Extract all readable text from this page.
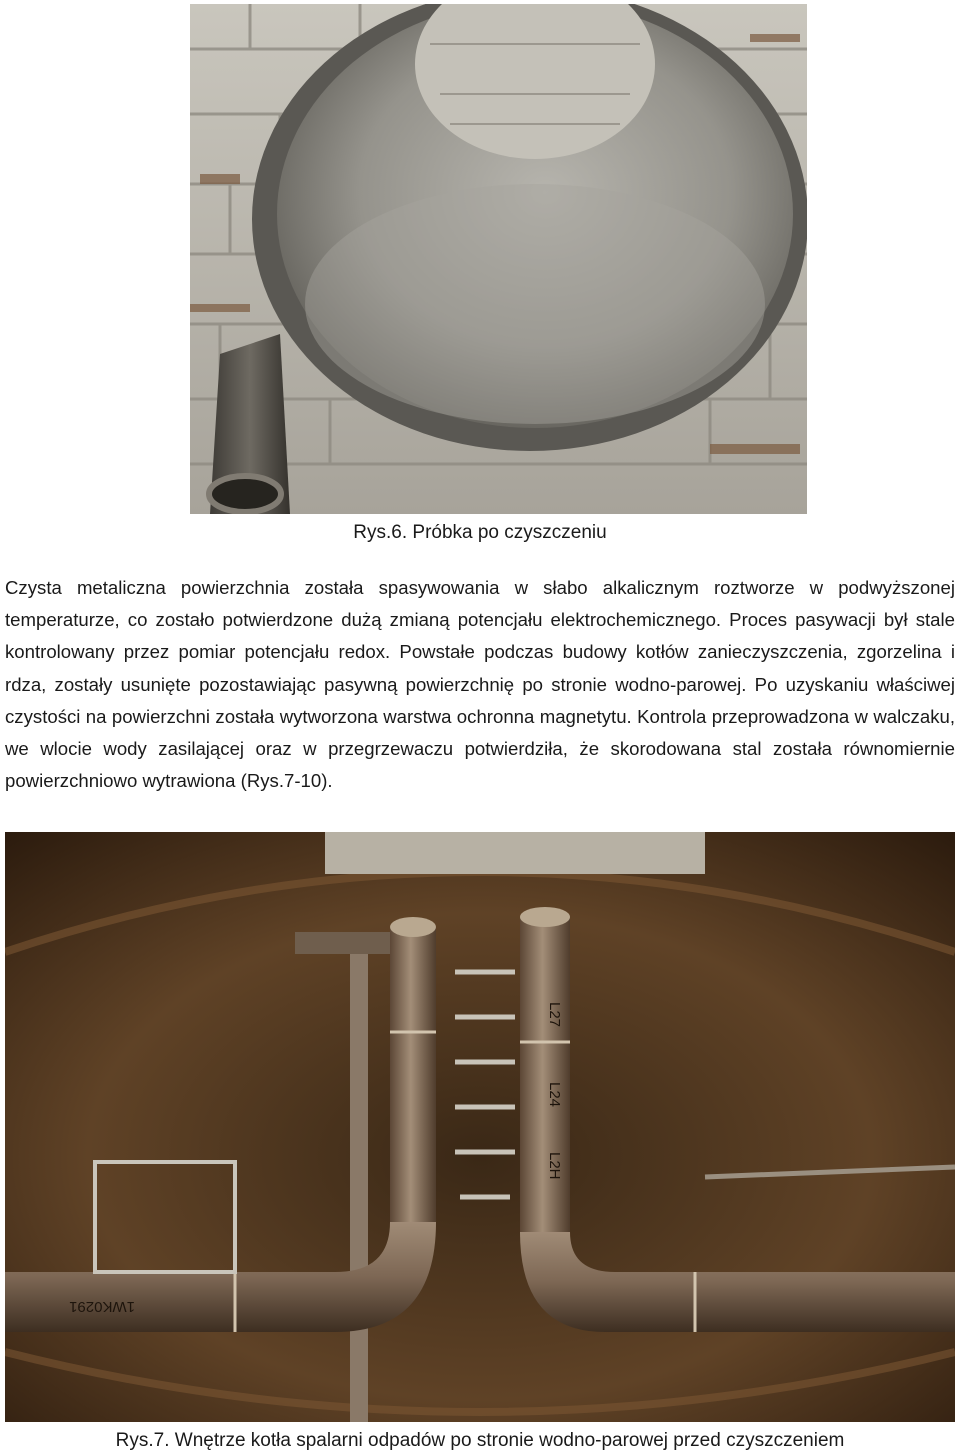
Rys.6. Próbka po czyszczeniu

Czysta metaliczna powierzchnia została spasywowania w słabo alkalicznym roztworze w podwyższonej temperaturze, co zostało potwierdzone dużą zmianą potencjału elektrochemicznego. Proces pasywacji był stale kontrolowany przez pomiar potencjału redox. Powstałe podczas budowy kotłów zanieczyszczenia, zgorzelina i rdza, zostały usunięte pozostawiając pasywną powierzchnię po stronie wodno-parowej. Po uzyskaniu właściwej czystości na powierzchni została wytworzona warstwa ochronna magnetytu. Kontrola przeprowadzona w walczaku, we wlocie wody zasilającej oraz w przegrzewaczu potwierdziła, że skorodowana stal została równomiernie powierzchniowo wytrawiona (Rys.7-10).

L27
L24
L2H
1WK0291
Rys.7. Wnętrze kotła spalarni odpadów po stronie wodno-parowej przed czyszczeniem
